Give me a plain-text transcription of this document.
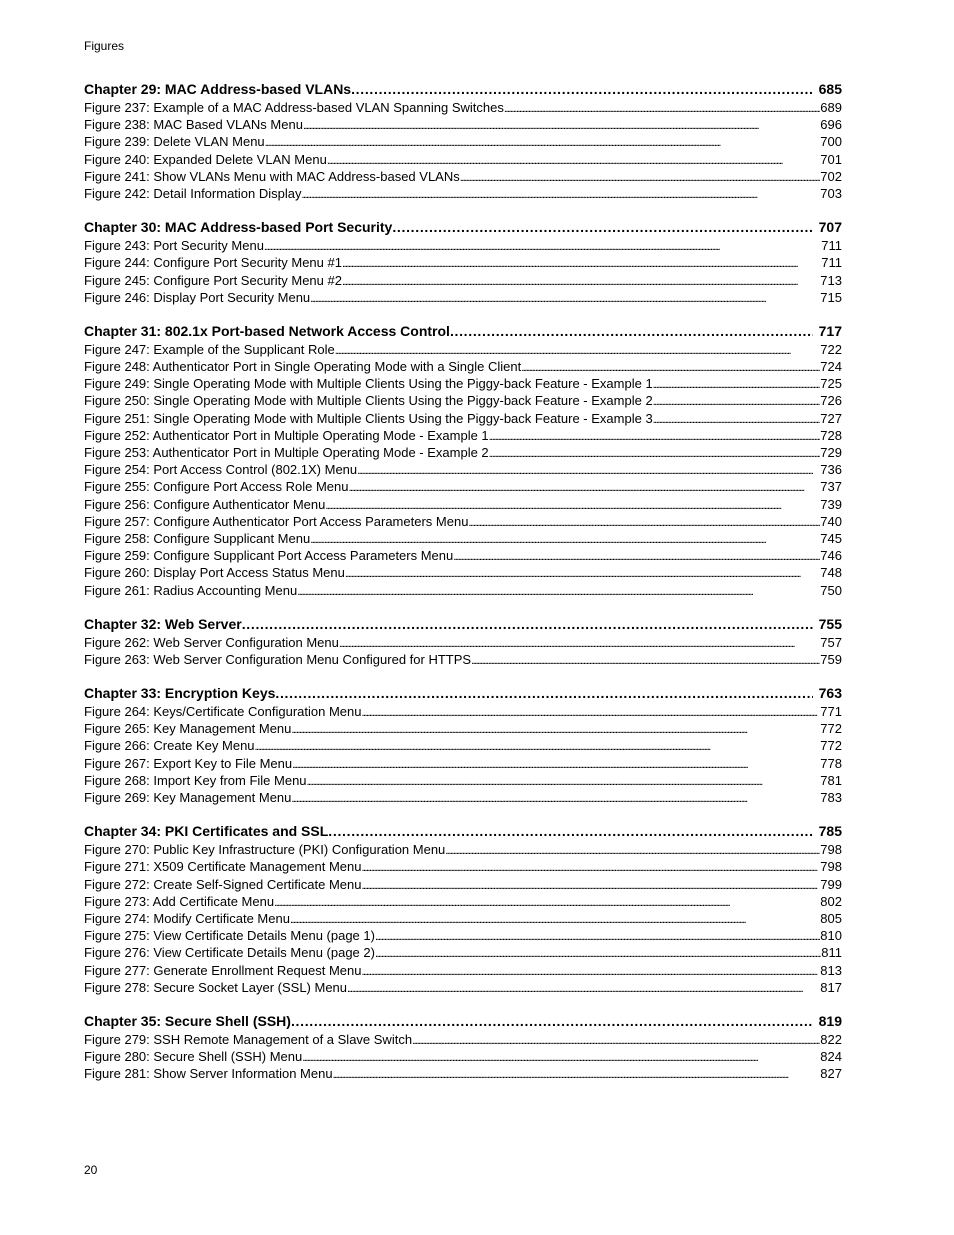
Figures
Chapter 29: MAC Address-based VLANs . . .	685
Figure 237: Example of a MAC Address-based VLAN Spanning Switches . . .	689
Figure 238: MAC Based VLANs Menu . . .	696
Figure 239: Delete VLAN Menu . . .	700
Figure 240: Expanded Delete VLAN Menu . . .	701
Figure 241: Show VLANs Menu with MAC Address-based VLANs . . .	702
Figure 242: Detail Information Display . . .	703
Chapter 30: MAC Address-based Port Security . . .	707
Figure 243: Port Security Menu . . .	711
Figure 244: Configure Port Security Menu #1 . . .	711
Figure 245: Configure Port Security Menu #2 . . .	713
Figure 246: Display Port Security Menu . . .	715
Chapter 31: 802.1x Port-based Network Access Control . . .	717
Figure 247: Example of the Supplicant Role . . .	722
Figure 248: Authenticator Port in Single Operating Mode with a Single Client . . .	724
Figure 249: Single Operating Mode with Multiple Clients Using the Piggy-back Feature - Example 1 . . .	725
Figure 250: Single Operating Mode with Multiple Clients Using the Piggy-back Feature - Example 2 . . .	726
Figure 251: Single Operating Mode with Multiple Clients Using the Piggy-back Feature - Example 3 . . .	727
Figure 252: Authenticator Port in Multiple Operating Mode - Example 1 . . .	728
Figure 253: Authenticator Port in Multiple Operating Mode - Example 2 . . .	729
Figure 254: Port Access Control (802.1X) Menu . . .	736
Figure 255: Configure Port Access Role Menu . . .	737
Figure 256: Configure Authenticator Menu . . .	739
Figure 257: Configure Authenticator Port Access Parameters Menu . . .	740
Figure 258: Configure Supplicant Menu . . .	745
Figure 259: Configure Supplicant Port Access Parameters Menu . . .	746
Figure 260: Display Port Access Status Menu . . .	748
Figure 261: Radius Accounting Menu . . .	750
Chapter 32: Web Server . . .	755
Figure 262: Web Server Configuration Menu . . .	757
Figure 263: Web Server Configuration Menu Configured for HTTPS . . .	759
Chapter 33: Encryption Keys . . .	763
Figure 264: Keys/Certificate Configuration Menu . . .	771
Figure 265: Key Management Menu . . .	772
Figure 266: Create Key Menu . . .	772
Figure 267: Export Key to File Menu . . .	778
Figure 268: Import Key from File Menu . . .	781
Figure 269: Key Management Menu . . .	783
Chapter 34: PKI Certificates and SSL . . .	785
Figure 270: Public Key Infrastructure (PKI) Configuration Menu . . .	798
Figure 271: X509 Certificate Management Menu . . .	798
Figure 272: Create Self-Signed Certificate Menu . . .	799
Figure 273: Add Certificate Menu . . .	802
Figure 274: Modify Certificate Menu . . .	805
Figure 275: View Certificate Details Menu (page 1) . . .	810
Figure 276: View Certificate Details Menu (page 2) . . .	811
Figure 277: Generate Enrollment Request Menu . . .	813
Figure 278: Secure Socket Layer (SSL) Menu . . .	817
Chapter 35: Secure Shell (SSH) . . .	819
Figure 279: SSH Remote Management of a Slave Switch . . .	822
Figure 280: Secure Shell (SSH) Menu . . .	824
Figure 281: Show Server Information Menu . . .	827
20
